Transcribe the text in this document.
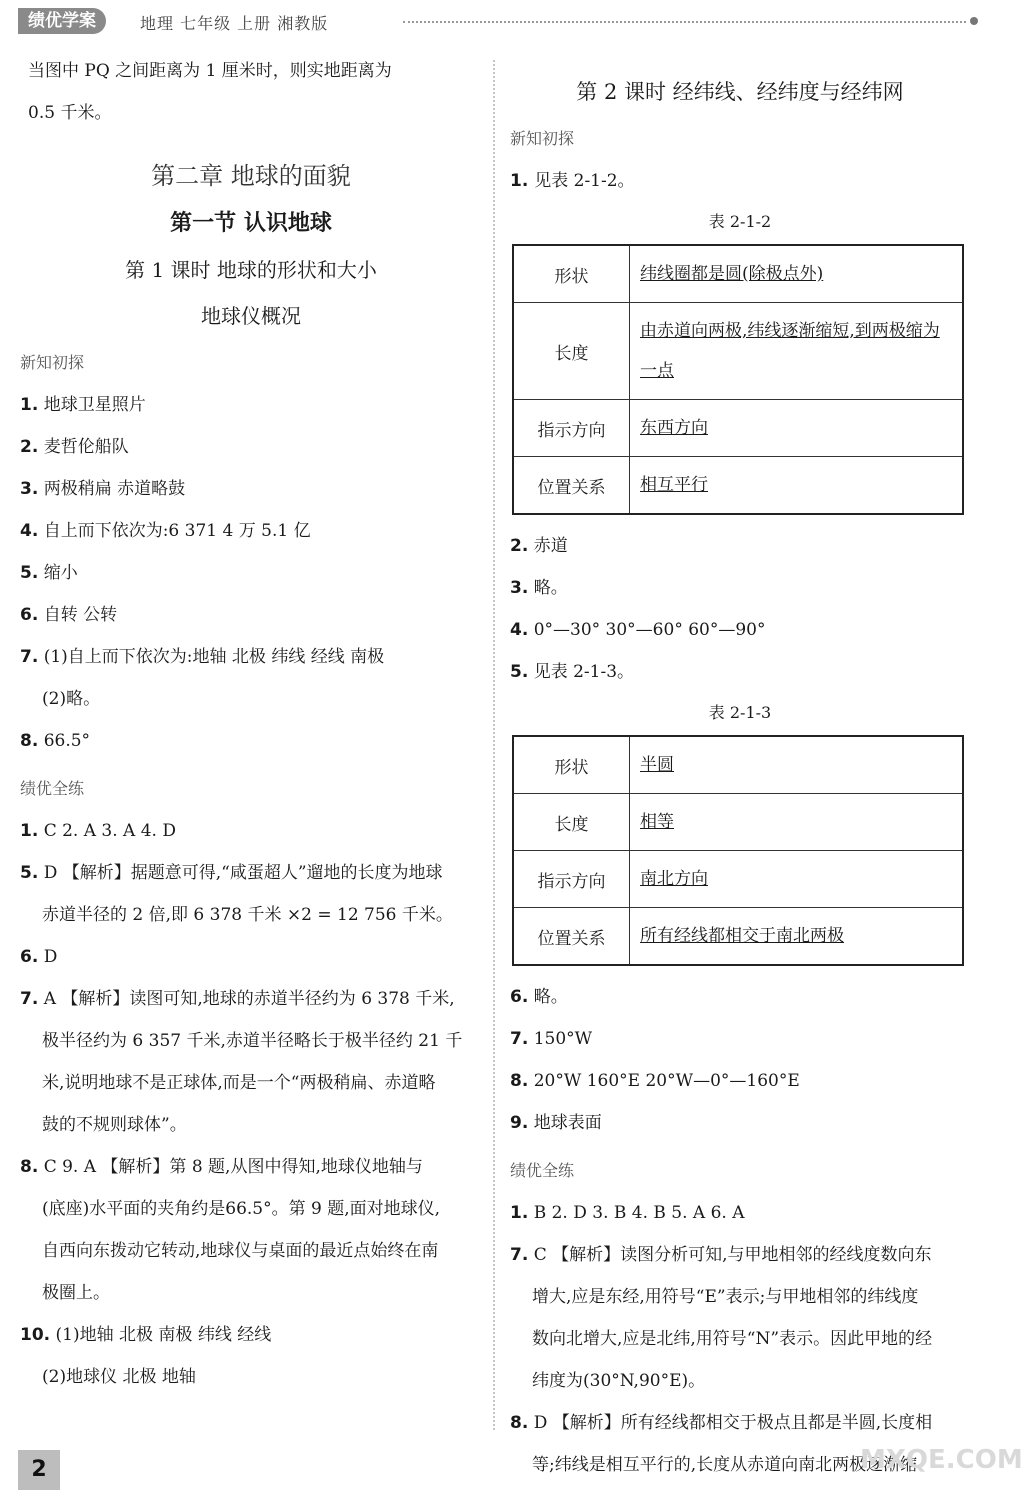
绩优学案	地理 七年级 上册 湘教版

当图中 PQ 之间距离为 1 厘米时，则实地距离为

0.5 千米。

第二章 地球的面貌
第一节 认识地球
第 1 课时 地球的形状和大小
地球仪概况
新知初探

1. 地球卫星照片

2. 麦哲伦船队

3. 两极稍扁 赤道略鼓

4. 自上而下依次为:6 371 4 万 5.1 亿

5. 缩小

6. 自转 公转

7. (1)自上而下依次为:地轴 北极 纬线 经线 南极

(2)略。

8. 66.5°

绩优全练

1. C 2. A 3. A 4. D

5. D 【解析】据题意可得,“咸蛋超人”遛地的长度为地球

赤道半径的 2 倍,即 6 378 千米 ×2 = 12 756 千米。

6. D

7. A 【解析】读图可知,地球的赤道半径约为 6 378 千米,

极半径约为 6 357 千米,赤道半径略长于极半径约 21 千

米,说明地球不是正球体,而是一个“两极稍扁、赤道略

鼓的不规则球体”。

8. C 9. A 【解析】第 8 题,从图中得知,地球仪地轴与

(底座)水平面的夹角约是66.5°。第 9 题,面对地球仪,

自西向东拨动它转动,地球仪与桌面的最近点始终在南

极圈上。

10. (1)地轴 北极 南极 纬线 经线

(2)地球仪 北极 地轴

第 2 课时 经纬线、经纬度与经纬网
新知初探

1. 见表 2-1-2。

表 2-1-2
形状	纬线圈都是圆(除极点外)
长度	由赤道向两极,纬线逐渐缩短,到两极缩为一点
指示方向	东西方向
位置关系	相互平行

2. 赤道

3. 略。

4. 0°—30° 30°—60° 60°—90°

5. 见表 2-1-3。

表 2-1-3
形状	半圆
长度	相等
指示方向	南北方向
位置关系	所有经线都相交于南北两极

6. 略。

7. 150°W

8. 20°W 160°E 20°W—0°—160°E

9. 地球表面

绩优全练

1. B 2. D 3. B 4. B 5. A 6. A

7. C 【解析】读图分析可知,与甲地相邻的经线度数向东

增大,应是东经,用符号“E”表示;与甲地相邻的纬线度

数向北增大,应是北纬,用符号“N”表示。因此甲地的经

纬度为(30°N,90°E)。

8. D 【解析】所有经线都相交于极点且都是半圆,长度相

等;纬线是相互平行的,长度从赤道向南北两极逐渐缩

2	MXQE.COM
